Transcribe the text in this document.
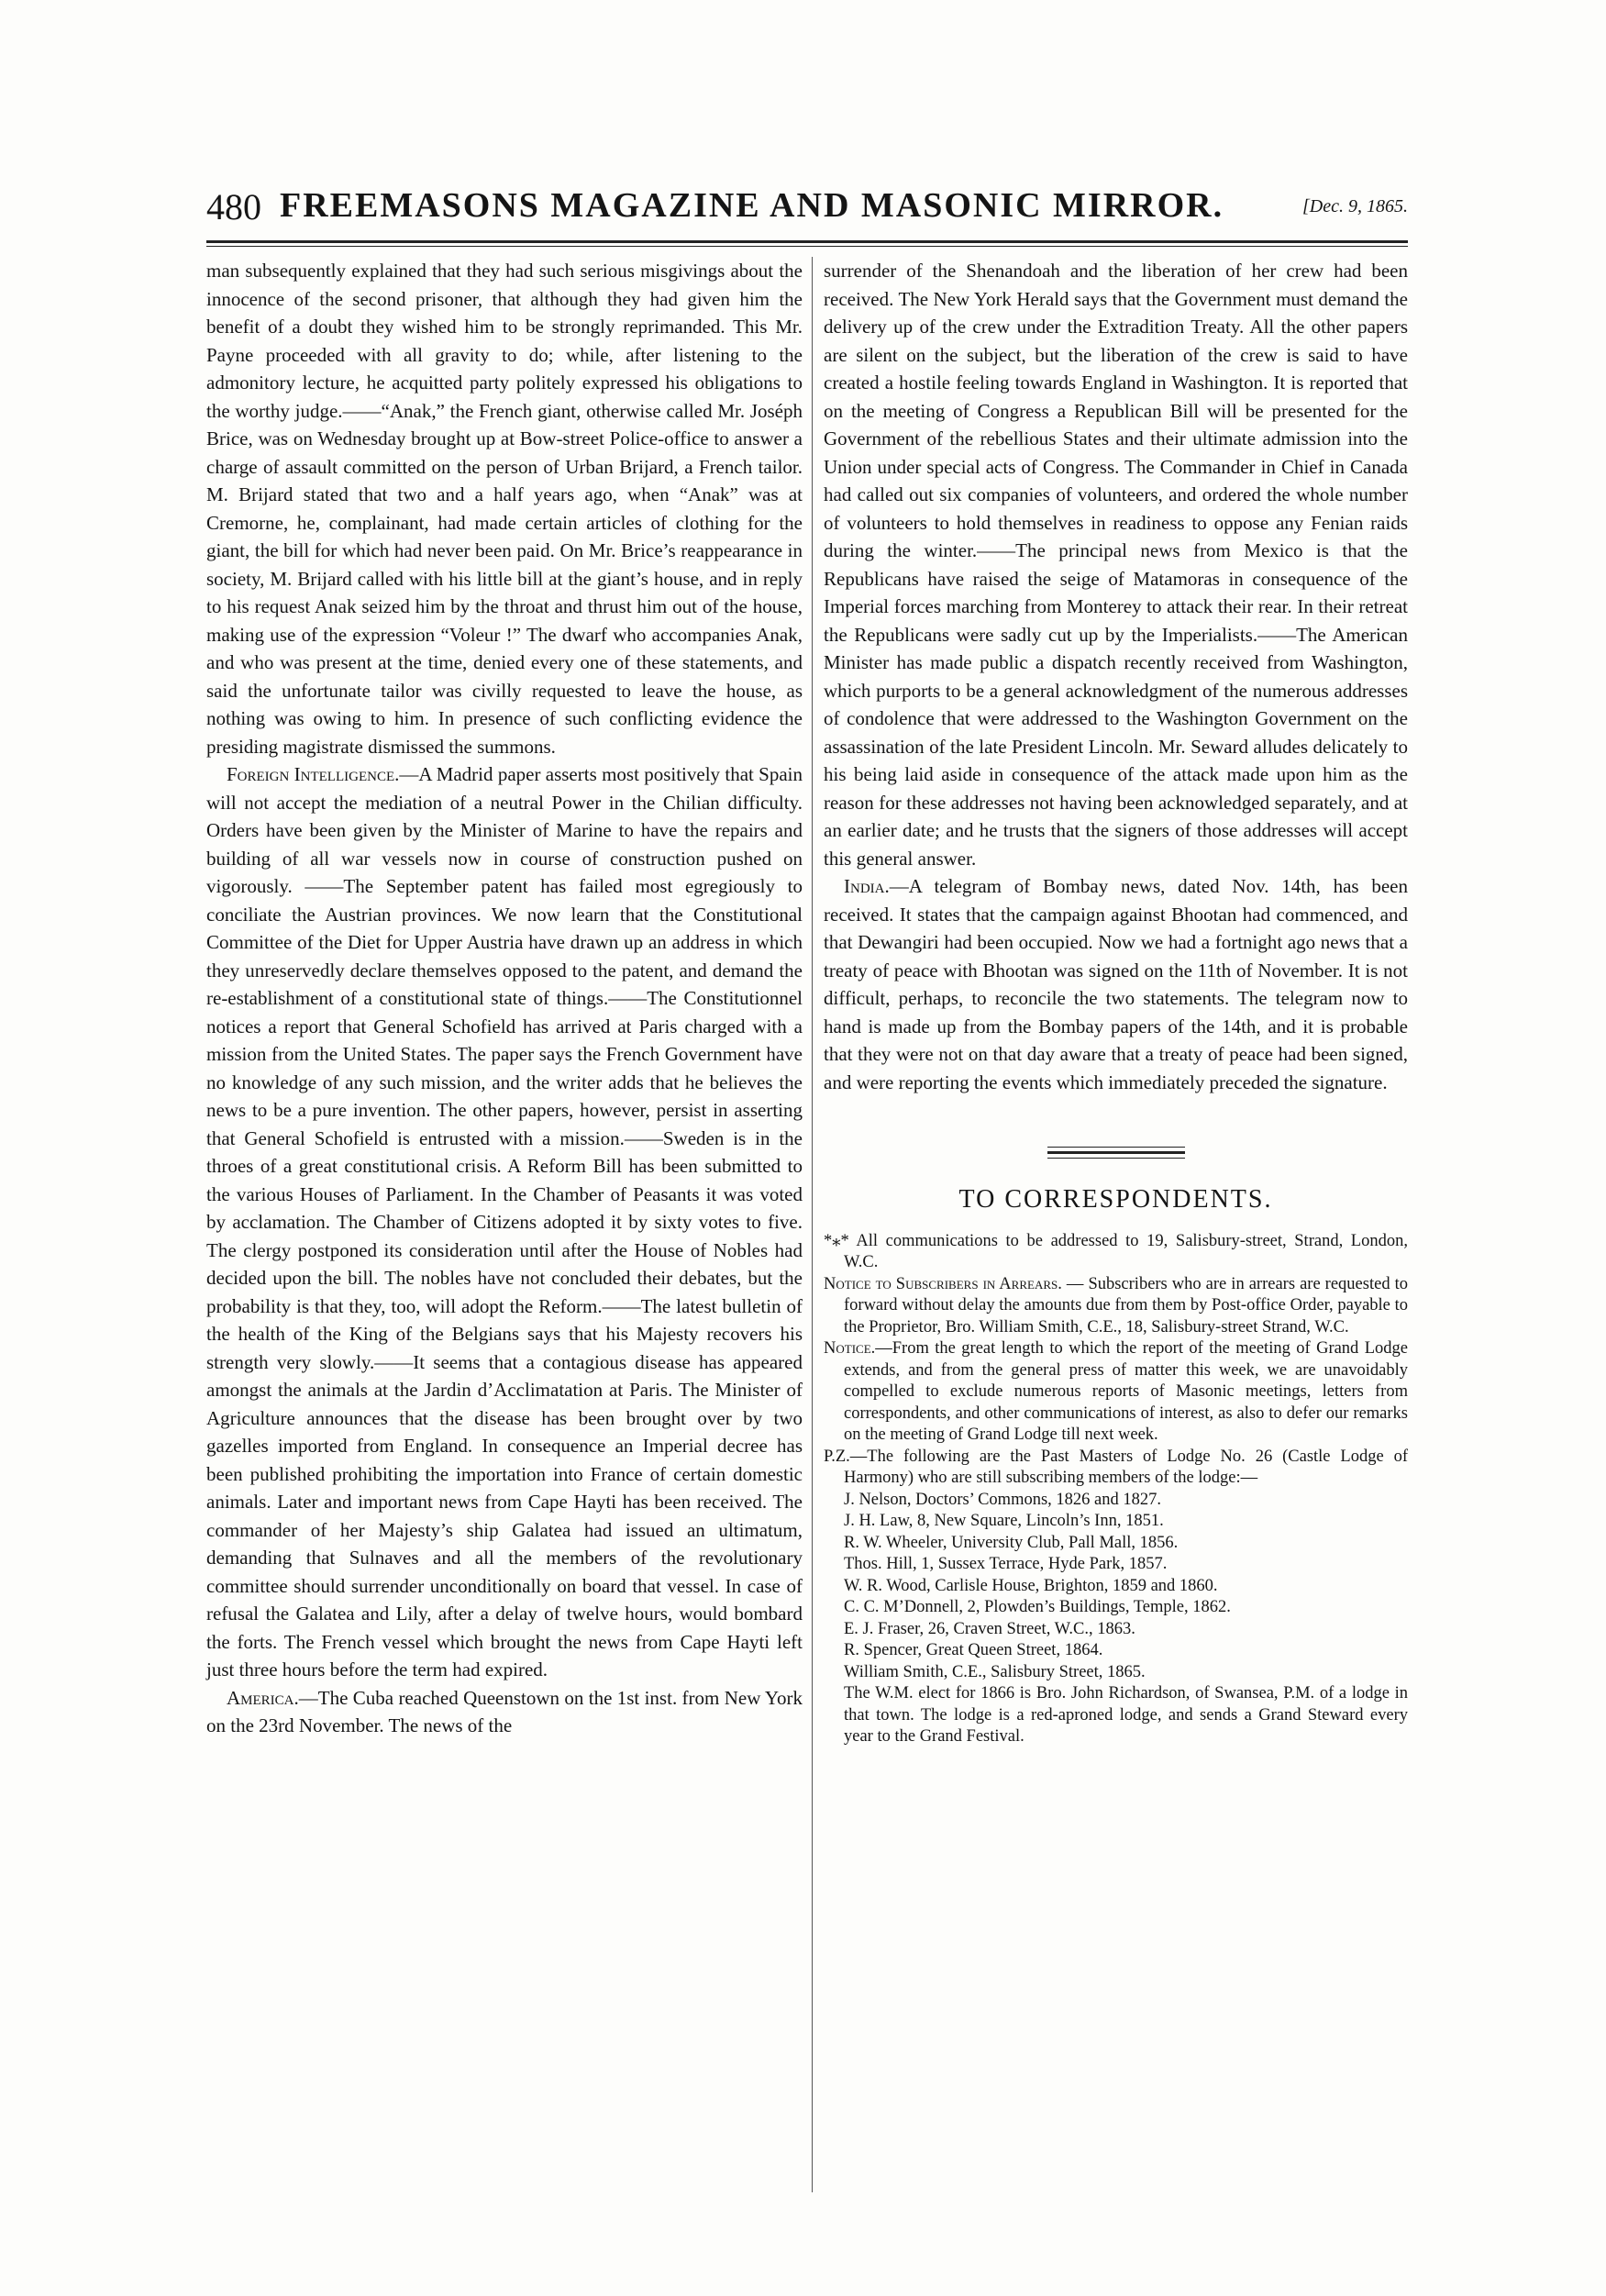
480 FREEMASONS MAGAZINE AND MASONIC MIRROR.	[Dec. 9, 1865.

man subsequently explained that they had such serious misgivings about the innocence of the second prisoner, that although they had given him the benefit of a doubt they wished him to be strongly reprimanded. This Mr. Payne proceeded with all gravity to do; while, after listening to the admonitory lecture, he acquitted party politely expressed his obligations to the worthy judge.——“Anak,” the French giant, otherwise called Mr. Joséph Brice, was on Wednesday brought up at Bow-street Police-office to answer a charge of assault committed on the person of Urban Brijard, a French tailor. M. Brijard stated that two and a half years ago, when “Anak” was at Cremorne, he, complainant, had made certain articles of clothing for the giant, the bill for which had never been paid. On Mr. Brice’s reappearance in society, M. Brijard called with his little bill at the giant’s house, and in reply to his request Anak seized him by the throat and thrust him out of the house, making use of the expression “Voleur !” The dwarf who accompanies Anak, and who was present at the time, denied every one of these statements, and said the unfortunate tailor was civilly requested to leave the house, as nothing was owing to him. In presence of such conflicting evidence the presiding magistrate dismissed the summons.

Foreign Intelligence.—A Madrid paper asserts most positively that Spain will not accept the mediation of a neutral Power in the Chilian difficulty. Orders have been given by the Minister of Marine to have the repairs and building of all war vessels now in course of construction pushed on vigorously. ——The September patent has failed most egregiously to conciliate the Austrian provinces. We now learn that the Constitutional Committee of the Diet for Upper Austria have drawn up an address in which they unreservedly declare themselves opposed to the patent, and demand the re-establishment of a constitutional state of things.——The Constitutionnel notices a report that General Schofield has arrived at Paris charged with a mission from the United States. The paper says the French Government have no knowledge of any such mission, and the writer adds that he believes the news to be a pure invention. The other papers, however, persist in asserting that General Schofield is entrusted with a mission.——Sweden is in the throes of a great constitutional crisis. A Reform Bill has been submitted to the various Houses of Parliament. In the Chamber of Peasants it was voted by acclamation. The Chamber of Citizens adopted it by sixty votes to five. The clergy postponed its consideration until after the House of Nobles had decided upon the bill. The nobles have not concluded their debates, but the probability is that they, too, will adopt the Reform.——The latest bulletin of the health of the King of the Belgians says that his Majesty recovers his strength very slowly.——It seems that a contagious disease has appeared amongst the animals at the Jardin d’Acclimatation at Paris. The Minister of Agriculture announces that the disease has been brought over by two gazelles imported from England. In consequence an Imperial decree has been published prohibiting the importation into France of certain domestic animals. Later and important news from Cape Hayti has been received. The commander of her Majesty’s ship Galatea had issued an ultimatum, demanding that Sulnaves and all the members of the revolutionary committee should surrender unconditionally on board that vessel. In case of refusal the Galatea and Lily, after a delay of twelve hours, would bombard the forts. The French vessel which brought the news from Cape Hayti left just three hours before the term had expired.

America.—The Cuba reached Queenstown on the 1st inst. from New York on the 23rd November. The news of the

surrender of the Shenandoah and the liberation of her crew had been received. The New York Herald says that the Government must demand the delivery up of the crew under the Extradition Treaty. All the other papers are silent on the subject, but the liberation of the crew is said to have created a hostile feeling towards England in Washington. It is reported that on the meeting of Congress a Republican Bill will be presented for the Government of the rebellious States and their ultimate admission into the Union under special acts of Congress. The Commander in Chief in Canada had called out six companies of volunteers, and ordered the whole number of volunteers to hold themselves in readiness to oppose any Fenian raids during the winter.——The principal news from Mexico is that the Republicans have raised the seige of Matamoras in consequence of the Imperial forces marching from Monterey to attack their rear. In their retreat the Republicans were sadly cut up by the Imperialists.——The American Minister has made public a dispatch recently received from Washington, which purports to be a general acknowledgment of the numerous addresses of condolence that were addressed to the Washington Government on the assassination of the late President Lincoln. Mr. Seward alludes delicately to his being laid aside in consequence of the attack made upon him as the reason for these addresses not having been acknowledged separately, and at an earlier date; and he trusts that the signers of those addresses will accept this general answer.

India.—A telegram of Bombay news, dated Nov. 14th, has been received. It states that the campaign against Bhootan had commenced, and that Dewangiri had been occupied. Now we had a fortnight ago news that a treaty of peace with Bhootan was signed on the 11th of November. It is not difficult, perhaps, to reconcile the two statements. The telegram now to hand is made up from the Bombay papers of the 14th, and it is probable that they were not on that day aware that a treaty of peace had been signed, and were reporting the events which immediately preceded the signature.

TO CORRESPONDENTS.

*⁎* All communications to be addressed to 19, Salisbury-street, Strand, London, W.C.

Notice to Subscribers in Arrears. — Subscribers who are in arrears are requested to forward without delay the amounts due from them by Post-office Order, payable to the Proprietor, Bro. William Smith, C.E., 18, Salisbury-street Strand, W.C.

Notice.—From the great length to which the report of the meeting of Grand Lodge extends, and from the general press of matter this week, we are unavoidably compelled to exclude numerous reports of Masonic meetings, letters from correspondents, and other communications of interest, as also to defer our remarks on the meeting of Grand Lodge till next week.

P.Z.—The following are the Past Masters of Lodge No. 26 (Castle Lodge of Harmony) who are still subscribing members of the lodge:—

J. Nelson, Doctors’ Commons, 1826 and 1827.
J. H. Law, 8, New Square, Lincoln’s Inn, 1851.
R. W. Wheeler, University Club, Pall Mall, 1856.
Thos. Hill, 1, Sussex Terrace, Hyde Park, 1857.
W. R. Wood, Carlisle House, Brighton, 1859 and 1860.
C. C. M’Donnell, 2, Plowden’s Buildings, Temple, 1862.
E. J. Fraser, 26, Craven Street, W.C., 1863.
R. Spencer, Great Queen Street, 1864.
William Smith, C.E., Salisbury Street, 1865.
The W.M. elect for 1866 is Bro. John Richardson, of Swansea, P.M. of a lodge in that town. The lodge is a red-aproned lodge, and sends a Grand Steward every year to the Grand Festival.
